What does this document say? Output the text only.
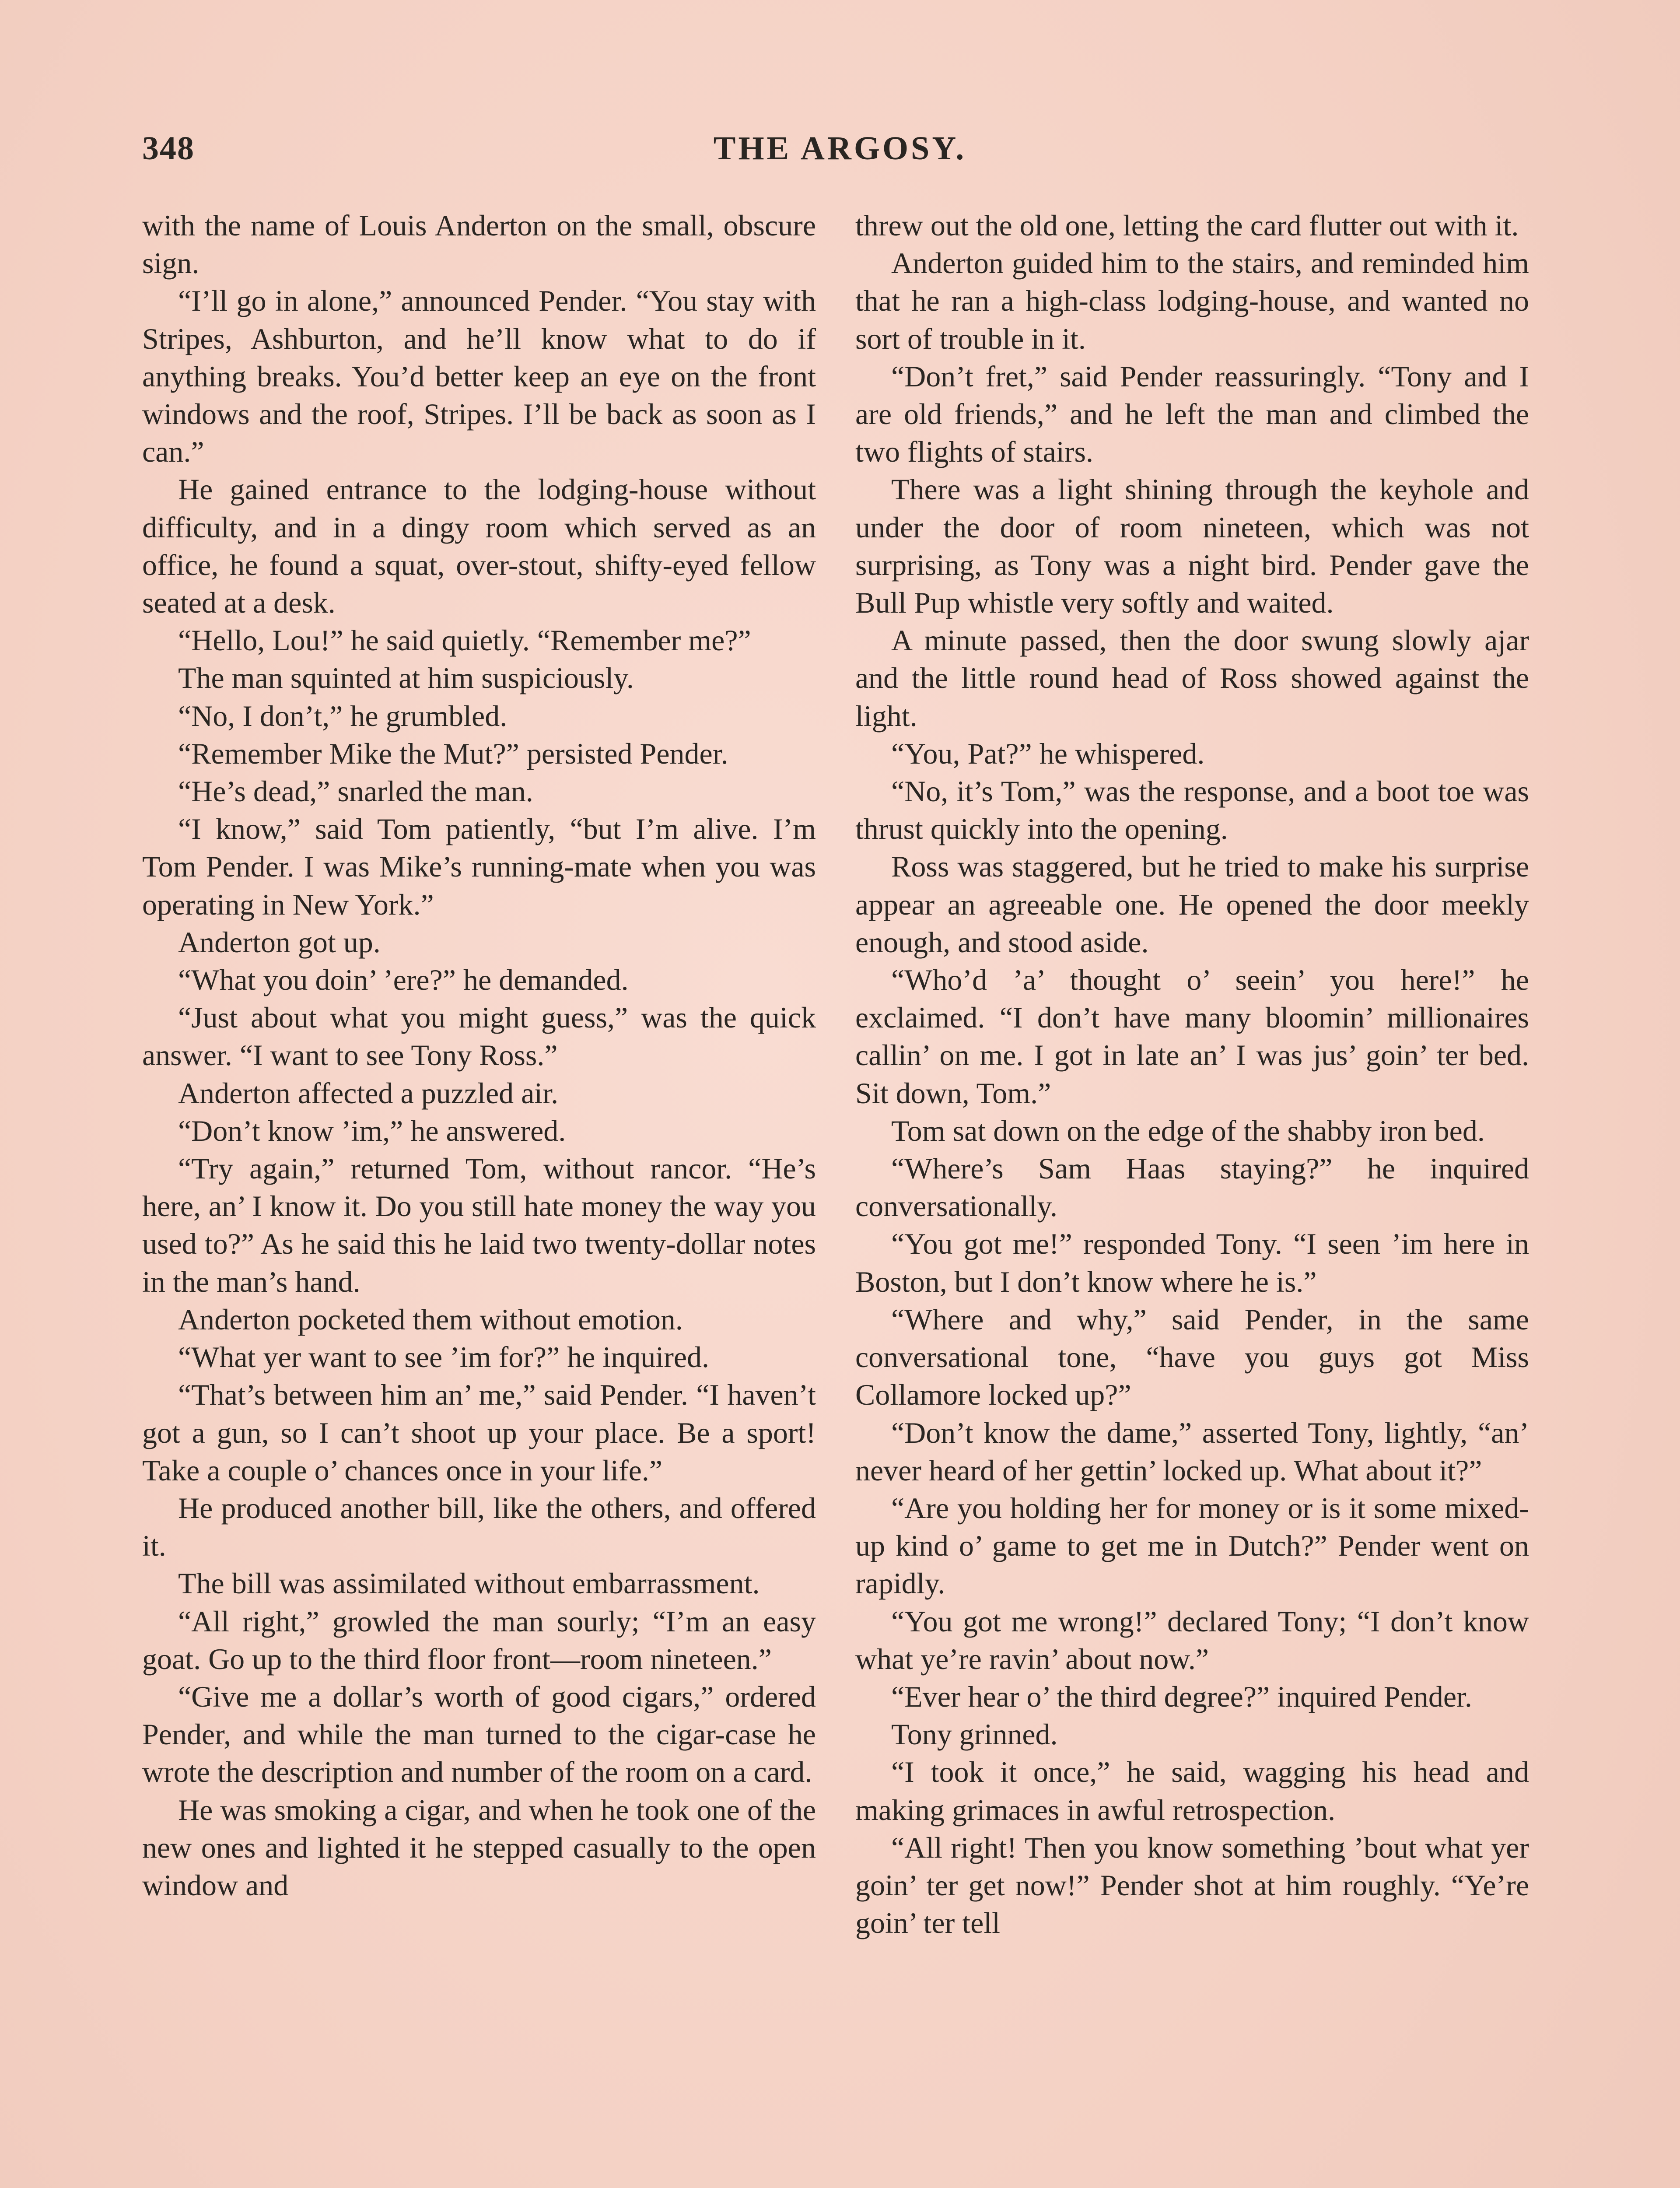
348	THE ARGOSY.

with the name of Louis Anderton on the small, obscure sign.

“I’ll go in alone,” announced Pender. “You stay with Stripes, Ashburton, and he’ll know what to do if anything breaks. You’d better keep an eye on the front windows and the roof, Stripes. I’ll be back as soon as I can.”

He gained entrance to the lodging-house without difficulty, and in a dingy room which served as an office, he found a squat, over-stout, shifty-eyed fellow seated at a desk.

“Hello, Lou!” he said quietly. “Remember me?”

The man squinted at him suspiciously.

“No, I don’t,” he grumbled.

“Remember Mike the Mut?” persisted Pender.

“He’s dead,” snarled the man.

“I know,” said Tom patiently, “but I’m alive. I’m Tom Pender. I was Mike’s running-mate when you was operating in New York.”

Anderton got up.

“What you doin’ ’ere?” he demanded.

“Just about what you might guess,” was the quick answer. “I want to see Tony Ross.”

Anderton affected a puzzled air.

“Don’t know ’im,” he answered.

“Try again,” returned Tom, without rancor. “He’s here, an’ I know it. Do you still hate money the way you used to?” As he said this he laid two twenty-dollar notes in the man’s hand.

Anderton pocketed them without emotion.

“What yer want to see ’im for?” he inquired.

“That’s between him an’ me,” said Pender. “I haven’t got a gun, so I can’t shoot up your place. Be a sport! Take a couple o’ chances once in your life.”

He produced another bill, like the others, and offered it.

The bill was assimilated without embarrassment.

“All right,” growled the man sourly; “I’m an easy goat. Go up to the third floor front—room nineteen.”

“Give me a dollar’s worth of good cigars,” ordered Pender, and while the man turned to the cigar-case he wrote the description and number of the room on a card.

He was smoking a cigar, and when he took one of the new ones and lighted it he stepped casually to the open window and

threw out the old one, letting the card flutter out with it.

Anderton guided him to the stairs, and reminded him that he ran a high-class lodging-house, and wanted no sort of trouble in it.

“Don’t fret,” said Pender reassuringly. “Tony and I are old friends,” and he left the man and climbed the two flights of stairs.

There was a light shining through the keyhole and under the door of room nineteen, which was not surprising, as Tony was a night bird. Pender gave the Bull Pup whistle very softly and waited.

A minute passed, then the door swung slowly ajar and the little round head of Ross showed against the light.

“You, Pat?” he whispered.

“No, it’s Tom,” was the response, and a boot toe was thrust quickly into the opening.

Ross was staggered, but he tried to make his surprise appear an agreeable one. He opened the door meekly enough, and stood aside.

“Who’d ’a’ thought o’ seein’ you here!” he exclaimed. “I don’t have many bloomin’ millionaires callin’ on me. I got in late an’ I was jus’ goin’ ter bed. Sit down, Tom.”

Tom sat down on the edge of the shabby iron bed.

“Where’s Sam Haas staying?” he inquired conversationally.

“You got me!” responded Tony. “I seen ’im here in Boston, but I don’t know where he is.”

“Where and why,” said Pender, in the same conversational tone, “have you guys got Miss Collamore locked up?”

“Don’t know the dame,” asserted Tony, lightly, “an’ never heard of her gettin’ locked up. What about it?”

“Are you holding her for money or is it some mixed-up kind o’ game to get me in Dutch?” Pender went on rapidly.

“You got me wrong!” declared Tony; “I don’t know what ye’re ravin’ about now.”

“Ever hear o’ the third degree?” inquired Pender.

Tony grinned.

“I took it once,” he said, wagging his head and making grimaces in awful retrospection.

“All right! Then you know something ’bout what yer goin’ ter get now!” Pender shot at him roughly. “Ye’re goin’ ter tell
